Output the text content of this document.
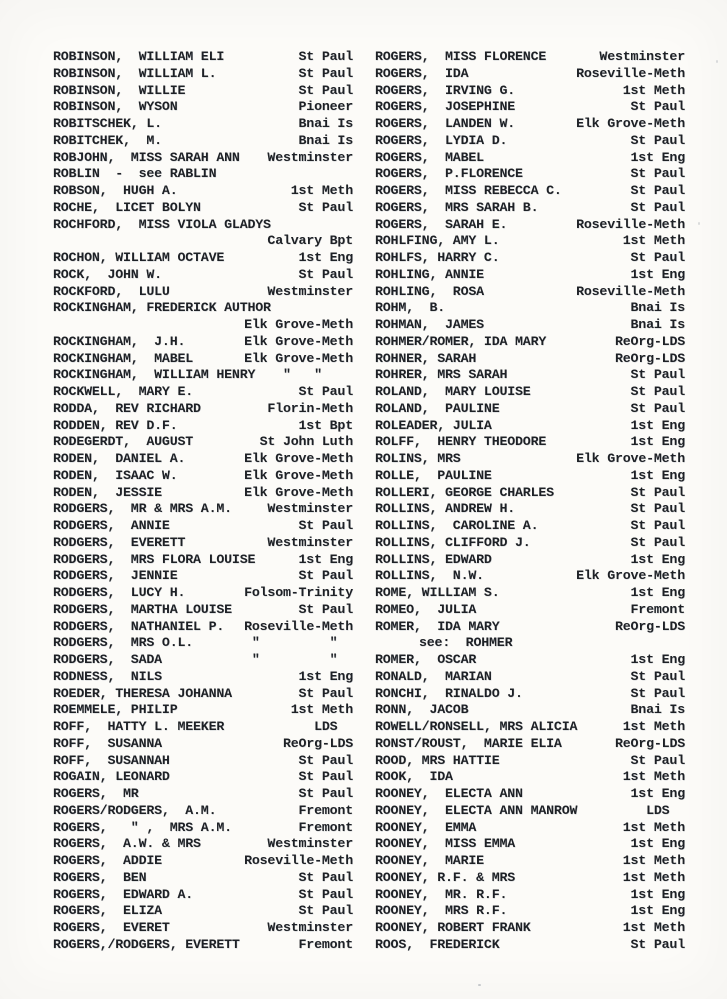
ROBINSON,  WILLIAM ELI	St Paul
ROBINSON,  WILLIAM L.	St Paul
ROBINSON,  WILLIE	St Paul
ROBINSON,  WYSON	Pioneer
ROBITSCHEK, L.	Bnai Is
ROBITCHEK,  M.	Bnai Is
ROBJOHN,  MISS SARAH ANN Westminster
ROBLIN  -  see RABLIN
ROBSON,  HUGH A.	1st Meth
ROCHE,  LICET BOLYN	St Paul
ROCHFORD,  MISS VIOLA GLADYS
Calvary Bpt
ROCHON, WILLIAM OCTAVE	1st Eng
ROCK,  JOHN W.	St Paul
ROCKFORD,  LULU	Westminster
ROCKINGHAM, FREDERICK AUTHOR
Elk Grove-Meth
ROCKINGHAM,  J.H.	Elk Grove-Meth
ROCKINGHAM,  MABEL	Elk Grove-Meth
ROCKINGHAM,  WILLIAM HENRY "   "
ROCKWELL,  MARY E.	St Paul
RODDA,  REV RICHARD	Florin-Meth
RODDEN, REV D.F.	1st Bpt
RODEGERDT,  AUGUST	St John Luth
RODEN,  DANIEL A.	Elk Grove-Meth
RODEN,  ISAAC W.	Elk Grove-Meth
RODEN,  JESSIE	Elk Grove-Meth
RODGERS,  MR & MRS A.M.	Westminster
RODGERS,  ANNIE	St Paul
RODGERS,  EVERETT	Westminster
RODGERS,  MRS FLORA LOUISE	1st Eng
RODGERS,  JENNIE	St Paul
RODGERS,  LUCY H.	Folsom-Trinity
RODGERS,  MARTHA LOUISE	St Paul
RODGERS,  NATHANIEL P. Roseville-Meth
RODGERS,  MRS O.L.	"         "
RODGERS,  SADA	"         "
RODNESS,  NILS	1st Eng
ROEDER, THERESA JOHANNA	St Paul
ROEMMELE, PHILIP	1st Meth
ROFF,  HATTY L. MEEKER	LDS
ROFF,  SUSANNA	ReOrg-LDS
ROFF,  SUSANNAH	St Paul
ROGAIN, LEONARD	St Paul
ROGERS,  MR	St Paul
ROGERS/RODGERS,  A.M.	Fremont
ROGERS,   " ,  MRS A.M.	Fremont
ROGERS,  A.W. & MRS	Westminster
ROGERS,  ADDIE	Roseville-Meth
ROGERS,  BEN	St Paul
ROGERS,  EDWARD A.	St Paul
ROGERS,  ELIZA	St Paul
ROGERS,  EVERET	Westminster
ROGERS,/RODGERS, EVERETT	Fremont
ROGERS,  MISS FLORENCE	Westminster
ROGERS,  IDA	Roseville-Meth
ROGERS,  IRVING G.	1st Meth
ROGERS,  JOSEPHINE	St Paul
ROGERS,  LANDEN W.	Elk Grove-Meth
ROGERS,  LYDIA D.	St Paul
ROGERS,  MABEL	1st Eng
ROGERS,  P.FLORENCE	St Paul
ROGERS,  MISS REBECCA C.	St Paul
ROGERS,  MRS SARAH B.	St Paul
ROGERS,  SARAH E.	Roseville-Meth
ROHLFING, AMY L.	1st Meth
ROHLFS, HARRY C.	St Paul
ROHLING, ANNIE	1st Eng
ROHLING,  ROSA	Roseville-Meth
ROHM,  B.	Bnai Is
ROHMAN,  JAMES	Bnai Is
ROHMER/ROMER, IDA MARY	ReOrg-LDS
ROHNER, SARAH	ReOrg-LDS
ROHRER, MRS SARAH	St Paul
ROLAND,  MARY LOUISE	St Paul
ROLAND,  PAULINE	St Paul
ROLEADER, JULIA	1st Eng
ROLFF,  HENRY THEODORE	1st Eng
ROLINS, MRS	Elk Grove-Meth
ROLLE,  PAULINE	1st Eng
ROLLERI, GEORGE CHARLES	St Paul
ROLLINS, ANDREW H.	St Paul
ROLLINS,  CAROLINE A.	St Paul
ROLLINS, CLIFFORD J.	St Paul
ROLLINS, EDWARD	1st Eng
ROLLINS,  N.W.	Elk Grove-Meth
ROME, WILLIAM S.	1st Eng
ROMEO,  JULIA	Fremont
ROMER,  IDA MARY	ReOrg-LDS
see:  ROHMER
ROMER,  OSCAR	1st Eng
RONALD,  MARIAN	St Paul
RONCHI,  RINALDO J.	St Paul
RONN,  JACOB	Bnai Is
ROWELL/RONSELL, MRS ALICIA	1st Meth
RONST/ROUST,  MARIE ELIA	ReOrg-LDS
ROOD, MRS HATTIE	St Paul
ROOK,  IDA	1st Meth
ROONEY,  ELECTA ANN	1st Eng
ROONEY,  ELECTA ANN MANROW	LDS
ROONEY,  EMMA	1st Meth
ROONEY,  MISS EMMA	1st Eng
ROONEY,  MARIE	1st Meth
ROONEY, R.F. & MRS	1st Meth
ROONEY,  MR. R.F.	1st Eng
ROONEY,  MRS R.F.	1st Eng
ROONEY, ROBERT FRANK	1st Meth
ROOS,  FREDERICK	St Paul
